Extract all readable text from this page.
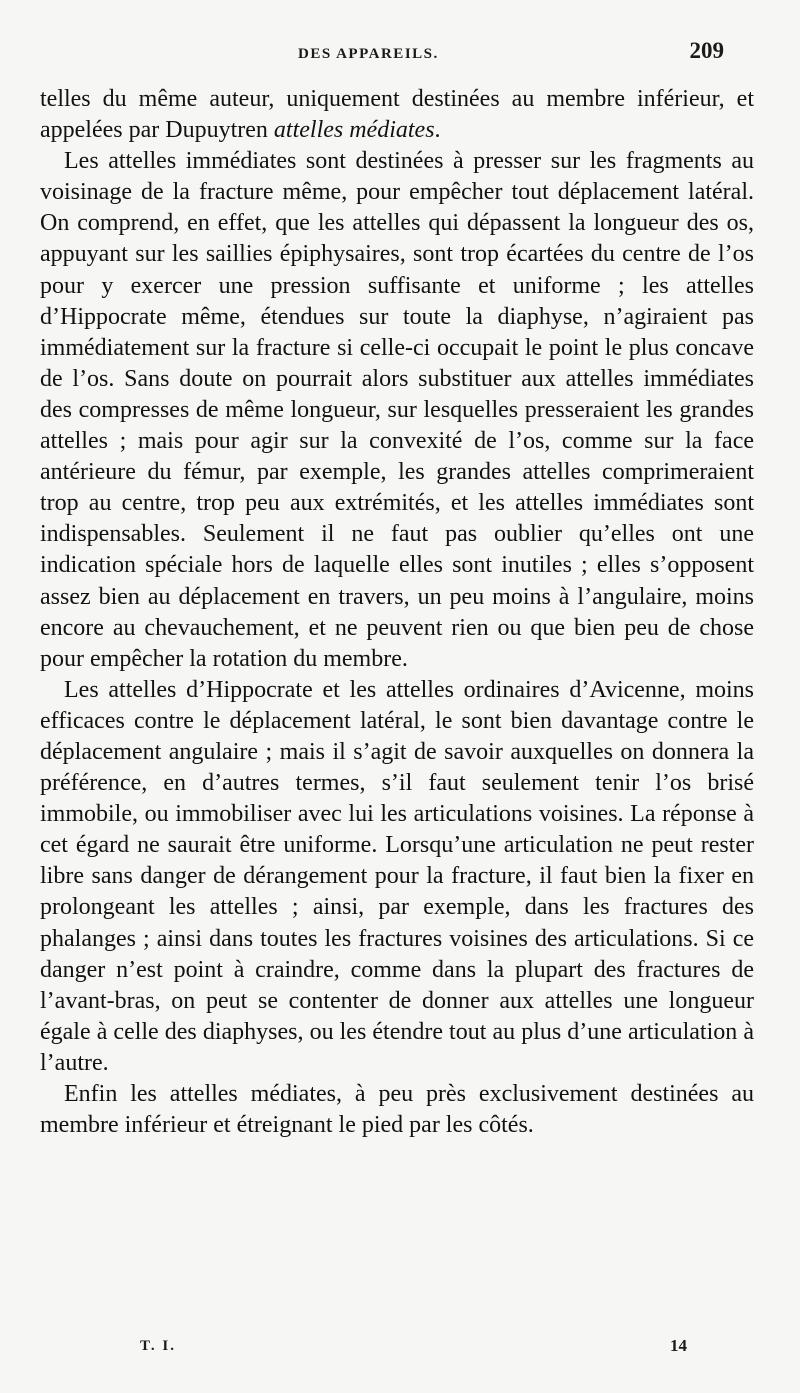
DES APPAREILS.	209

telles du même auteur, uniquement destinées au membre inférieur, et appelées par Dupuytren attelles médiates.

Les attelles immédiates sont destinées à presser sur les fragments au voisinage de la fracture même, pour empêcher tout déplacement latéral. On comprend, en effet, que les attelles qui dépassent la longueur des os, appuyant sur les saillies épiphysaires, sont trop écartées du centre de l’os pour y exercer une pression suffisante et uniforme ; les attelles d’Hippocrate même, étendues sur toute la diaphyse, n’agiraient pas immédiatement sur la fracture si celle-ci occupait le point le plus concave de l’os. Sans doute on pourrait alors substituer aux attelles immédiates des compresses de même longueur, sur lesquelles presseraient les grandes attelles ; mais pour agir sur la convexité de l’os, comme sur la face antérieure du fémur, par exemple, les grandes attelles comprimeraient trop au centre, trop peu aux extrémités, et les attelles immédiates sont indispensables. Seulement il ne faut pas oublier qu’elles ont une indication spéciale hors de laquelle elles sont inutiles ; elles s’opposent assez bien au déplacement en travers, un peu moins à l’angulaire, moins encore au chevauchement, et ne peuvent rien ou que bien peu de chose pour empêcher la rotation du membre.

Les attelles d’Hippocrate et les attelles ordinaires d’Avicenne, moins efficaces contre le déplacement latéral, le sont bien davantage contre le déplacement angulaire ; mais il s’agit de savoir auxquelles on donnera la préférence, en d’autres termes, s’il faut seulement tenir l’os brisé immobile, ou immobiliser avec lui les articulations voisines. La réponse à cet égard ne saurait être uniforme. Lorsqu’une articulation ne peut rester libre sans danger de dérangement pour la fracture, il faut bien la fixer en prolongeant les attelles ; ainsi, par exemple, dans les fractures des phalanges ; ainsi dans toutes les fractures voisines des articulations. Si ce danger n’est point à craindre, comme dans la plupart des fractures de l’avant-bras, on peut se contenter de donner aux attelles une longueur égale à celle des diaphyses, ou les étendre tout au plus d’une articulation à l’autre.

Enfin les attelles médiates, à peu près exclusivement destinées au membre inférieur et étreignant le pied par les côtés.

T. I.	14
